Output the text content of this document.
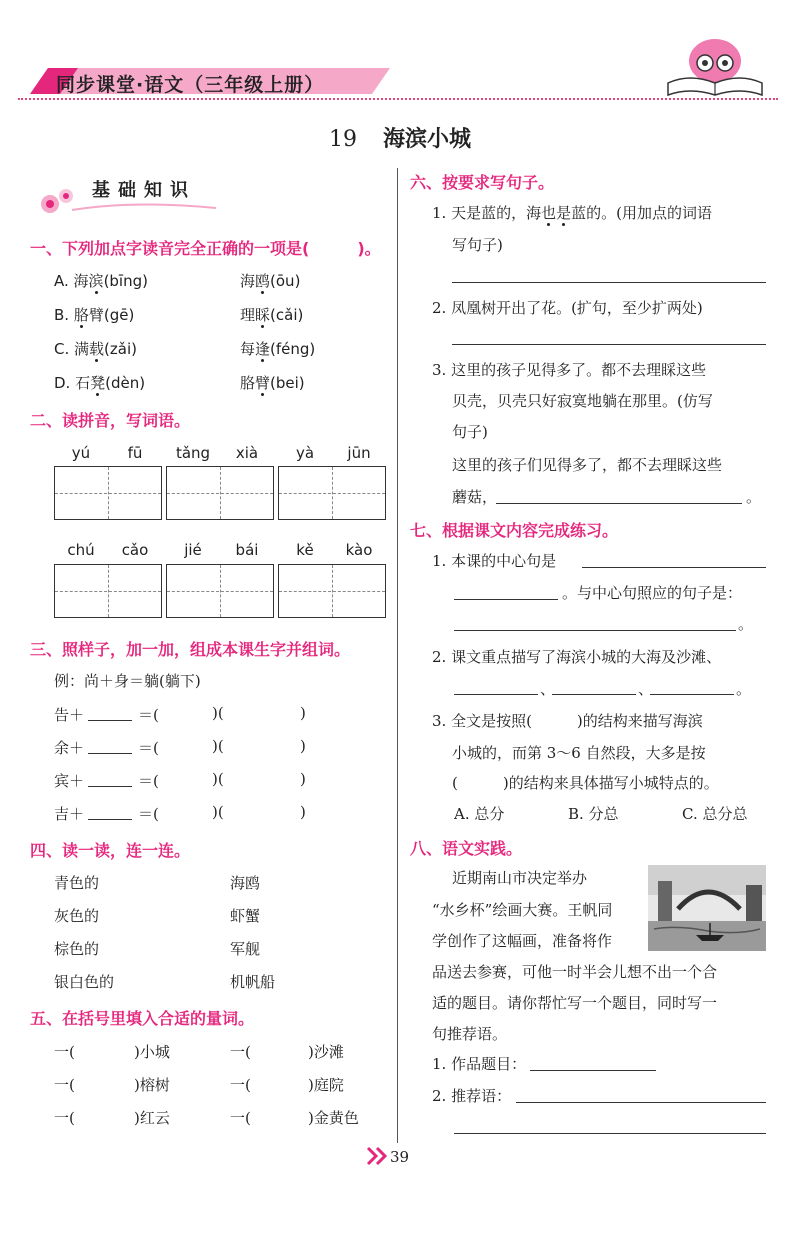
同步课堂·语文（三年级上册）
19 海滨小城
基础知识
一、下列加点字读音完全正确的一项是(　　　)。
A. 海滨(bīng)	海鸥(ōu)
B. 胳臂(gē)	理睬(cǎi)
C. 满载(zǎi)	每逢(féng)
D. 石凳(dèn)	胳臂(bei)
二、读拼音，写词语。
yú	fū	tǎng	xià	yà	jūn
chú	cǎo	jié	bái	kě	kào
三、照样子，加一加，组成本课生字并组词。
例：尚＋身＝躺(躺下)
告＋	＝(	)(	)
余＋	＝(	)(	)
宾＋	＝(	)(	)
吉＋	＝(	)(	)
四、读一读，连一连。
青色的	海鸥
灰色的	虾蟹
棕色的	军舰
银白色的	机帆船
五、在括号里填入合适的量词。
一(	)小城	一(	)沙滩
一(	)榕树	一(	)庭院
一(	)红云	一(	)金黄色
六、按要求写句子。
1. 天是蓝的，海也是蓝的。(用加点的词语
写句子)
2. 凤凰树开出了花。(扩句，至少扩两处)
3. 这里的孩子见得多了。都不去理睬这些
贝壳，贝壳只好寂寞地躺在那里。(仿写
句子)
这里的孩子们见得多了，都不去理睬这些
蘑菇，	。
七、根据课文内容完成练习。
1. 本课的中心句是
。与中心句照应的句子是：
。
2. 课文重点描写了海滨小城的大海及沙滩、
、	、	。
3. 全文是按照(　　　)的结构来描写海滨
小城的，而第 3～6 自然段，大多是按
(　　　)的结构来具体描写小城特点的。
A. 总分	B. 分总	C. 总分总
八、语文实践。
近期南山市决定举办
“水乡杯”绘画大赛。王帆同
学创作了这幅画，准备将作
品送去参赛，可他一时半会儿想不出一个合
适的题目。请你帮忙写一个题目，同时写一
句推荐语。
1. 作品题目：
2. 推荐语：
39
